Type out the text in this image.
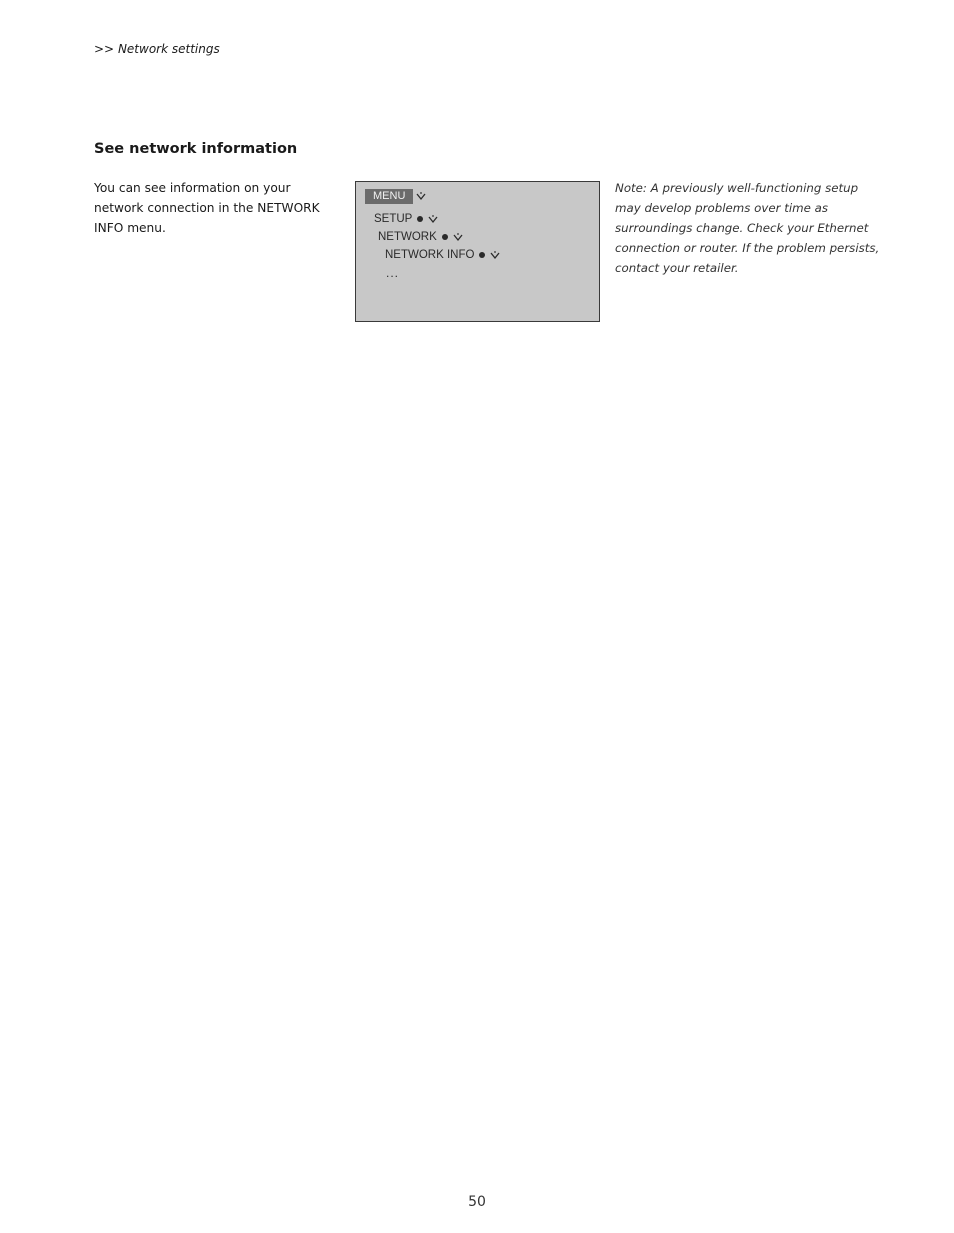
>> Network settings
See network information

You can see information on your
network connection in the NETWORK
INFO menu.

MENU
SETUP
NETWORK
NETWORK INFO
...

Note: A previously well-functioning setup
may develop problems over time as
surroundings change. Check your Ethernet
connection or router. If the problem persists,
contact your retailer.

50
